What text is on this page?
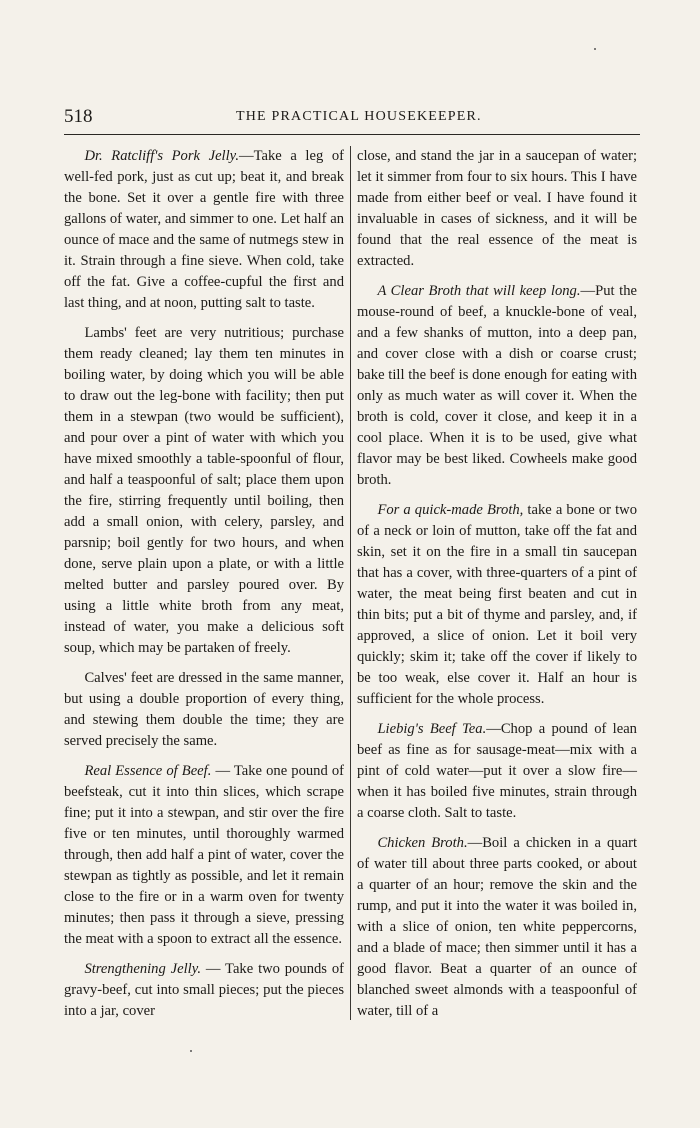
518	THE PRACTICAL HOUSEKEEPER.

Dr. Ratcliff's Pork Jelly.—Take a leg of well-fed pork, just as cut up; beat it, and break the bone. Set it over a gentle fire with three gallons of water, and simmer to one. Let half an ounce of mace and the same of nutmegs stew in it. Strain through a fine sieve. When cold, take off the fat. Give a coffee-cupful the first and last thing, and at noon, putting salt to taste.

Lambs' feet are very nutritious; purchase them ready cleaned; lay them ten minutes in boiling water, by doing which you will be able to draw out the leg-bone with facility; then put them in a stewpan (two would be sufficient), and pour over a pint of water with which you have mixed smoothly a table-spoonful of flour, and half a teaspoonful of salt; place them upon the fire, stirring frequently until boiling, then add a small onion, with celery, parsley, and parsnip; boil gently for two hours, and when done, serve plain upon a plate, or with a little melted butter and parsley poured over. By using a little white broth from any meat, instead of water, you make a delicious soft soup, which may be partaken of freely.

Calves' feet are dressed in the same manner, but using a double proportion of every thing, and stewing them double the time; they are served precisely the same.

Real Essence of Beef. — Take one pound of beefsteak, cut it into thin slices, which scrape fine; put it into a stewpan, and stir over the fire five or ten minutes, until thoroughly warmed through, then add half a pint of water, cover the stewpan as tightly as possible, and let it remain close to the fire or in a warm oven for twenty minutes; then pass it through a sieve, pressing the meat with a spoon to extract all the essence.

Strengthening Jelly. — Take two pounds of gravy-beef, cut into small pieces; put the pieces into a jar, cover

close, and stand the jar in a saucepan of water; let it simmer from four to six hours. This I have made from either beef or veal. I have found it invaluable in cases of sickness, and it will be found that the real essence of the meat is extracted.

A Clear Broth that will keep long.—Put the mouse-round of beef, a knuckle-bone of veal, and a few shanks of mutton, into a deep pan, and cover close with a dish or coarse crust; bake till the beef is done enough for eating with only as much water as will cover it. When the broth is cold, cover it close, and keep it in a cool place. When it is to be used, give what flavor may be best liked. Cowheels make good broth.

For a quick-made Broth, take a bone or two of a neck or loin of mutton, take off the fat and skin, set it on the fire in a small tin saucepan that has a cover, with three-quarters of a pint of water, the meat being first beaten and cut in thin bits; put a bit of thyme and parsley, and, if approved, a slice of onion. Let it boil very quickly; skim it; take off the cover if likely to be too weak, else cover it. Half an hour is sufficient for the whole process.

Liebig's Beef Tea.—Chop a pound of lean beef as fine as for sausage-meat—mix with a pint of cold water—put it over a slow fire—when it has boiled five minutes, strain through a coarse cloth. Salt to taste.

Chicken Broth.—Boil a chicken in a quart of water till about three parts cooked, or about a quarter of an hour; remove the skin and the rump, and put it into the water it was boiled in, with a slice of onion, ten white peppercorns, and a blade of mace; then simmer until it has a good flavor. Beat a quarter of an ounce of blanched sweet almonds with a teaspoonful of water, till of a
